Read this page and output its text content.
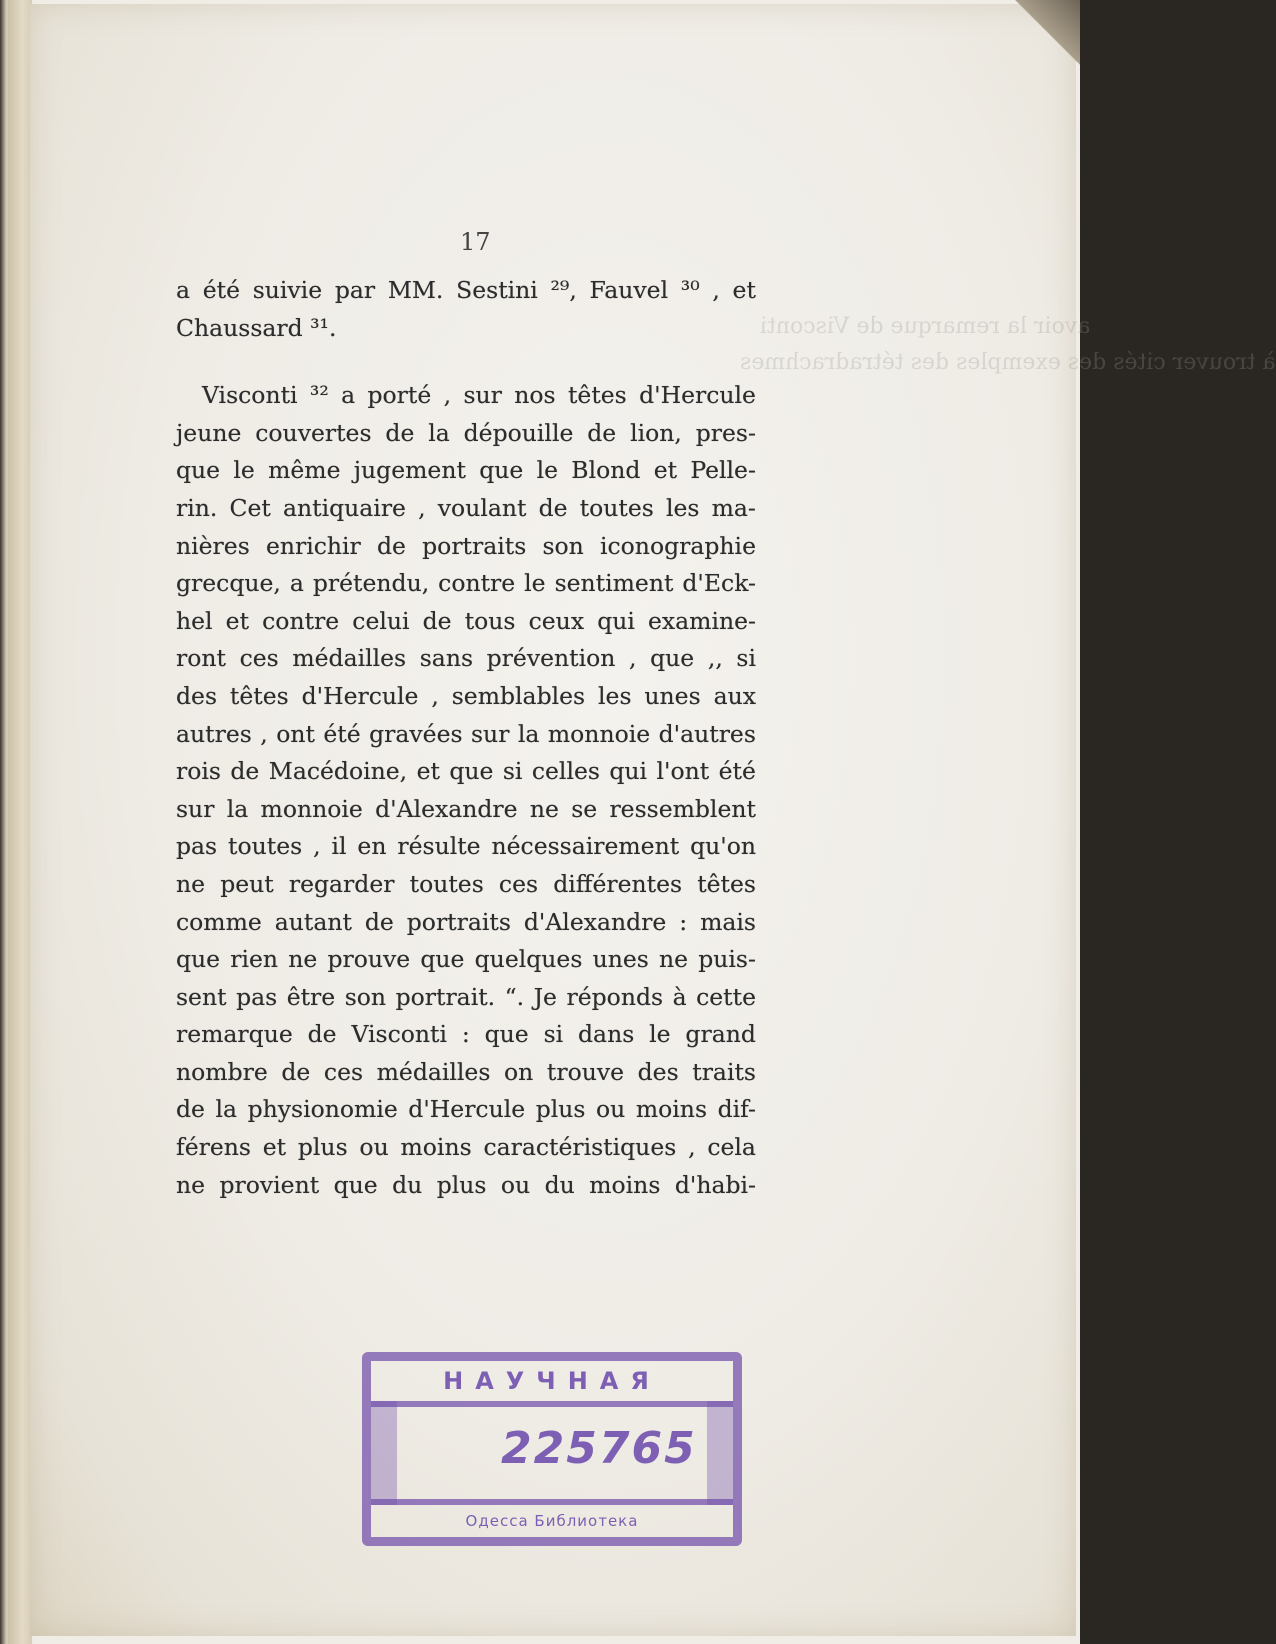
avoir la remarque de Visconti
à trouver cités des exemples des tétradrachmes
17
a été suivie par MM. Sestini ²⁹, Fauvel ³⁰ , et
Chaussard ³¹.
Visconti ³² a porté , sur nos têtes d'Hercule
jeune couvertes de la dépouille de lion, pres-
que le même jugement que le Blond et Pelle-
rin. Cet antiquaire , voulant de toutes les ma-
nières enrichir de portraits son iconographie
grecque, a prétendu, contre le sentiment d'Eck-
hel et contre celui de tous ceux qui examine-
ront ces médailles sans prévention , que ,, si
des têtes d'Hercule , semblables les unes aux
autres , ont été gravées sur la monnoie d'autres
rois de Macédoine, et que si celles qui l'ont été
sur la monnoie d'Alexandre ne se ressemblent
pas toutes , il en résulte nécessairement qu'on
ne peut regarder toutes ces différentes têtes
comme autant de portraits d'Alexandre : mais
que rien ne prouve que quelques unes ne puis-
sent pas être son portrait. “. Je réponds à cette
remarque de Visconti : que si dans le grand
nombre de ces médailles on trouve des traits
de la physionomie d'Hercule plus ou moins dif-
férens et plus ou moins caractéristiques , cela
ne provient que du plus ou du moins d'habi-
НАУЧНАЯ
225765
Одесса Библиотека
